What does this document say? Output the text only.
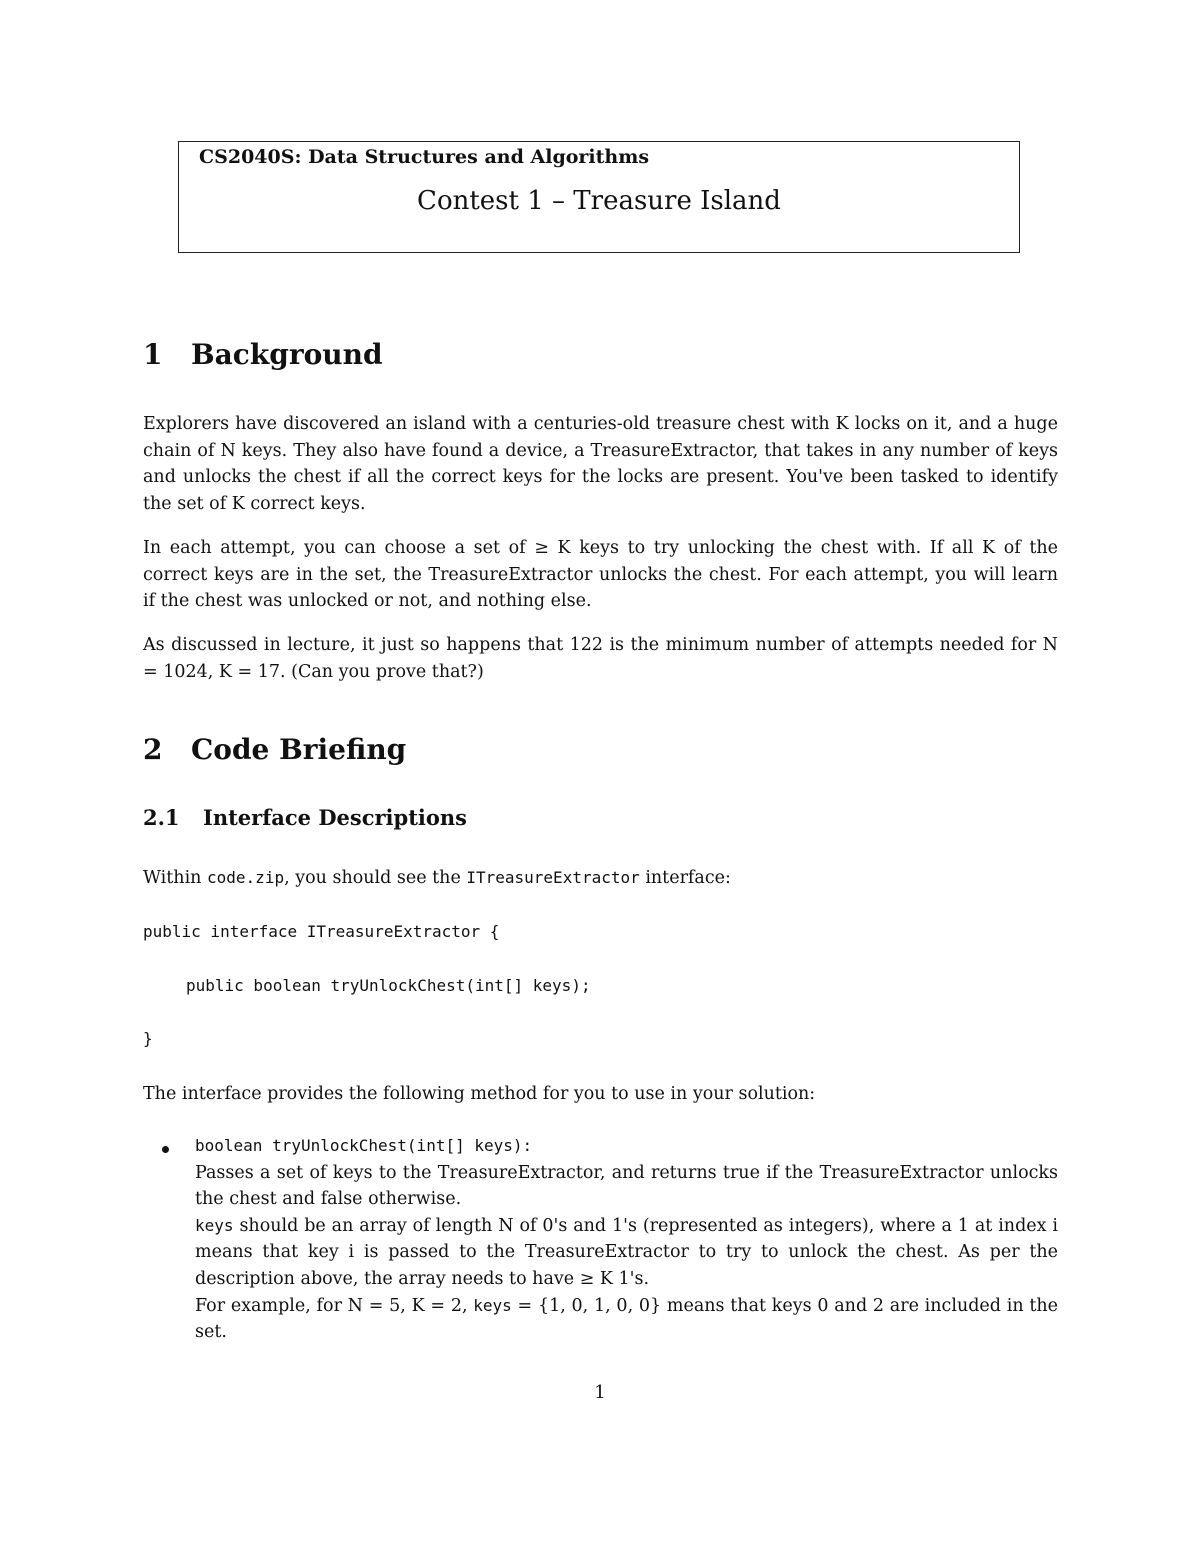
CS2040S: Data Structures and Algorithms
Contest 1 – Treasure Island
1 Background
Explorers have discovered an island with a centuries-old treasure chest with K locks on it, and a huge chain of N keys. They also have found a device, a TreasureExtractor, that takes in any number of keys and unlocks the chest if all the correct keys for the locks are present. You've been tasked to identify the set of K correct keys.
In each attempt, you can choose a set of ≥ K keys to try unlocking the chest with. If all K of the correct keys are in the set, the TreasureExtractor unlocks the chest. For each attempt, you will learn if the chest was unlocked or not, and nothing else.
As discussed in lecture, it just so happens that 122 is the minimum number of attempts needed for N = 1024, K = 17. (Can you prove that?)
2 Code Briefing
2.1 Interface Descriptions
Within code.zip, you should see the ITreasureExtractor interface:
public interface ITreasureExtractor {
public boolean tryUnlockChest(int[] keys);
}
The interface provides the following method for you to use in your solution:
boolean tryUnlockChest(int[] keys):
Passes a set of keys to the TreasureExtractor, and returns true if the TreasureExtractor unlocks the chest and false otherwise.
keys should be an array of length N of 0's and 1's (represented as integers), where a 1 at index i means that key i is passed to the TreasureExtractor to try to unlock the chest. As per the description above, the array needs to have ≥ K 1's.
For example, for N = 5, K = 2, keys = {1, 0, 1, 0, 0} means that keys 0 and 2 are included in the set.
1
